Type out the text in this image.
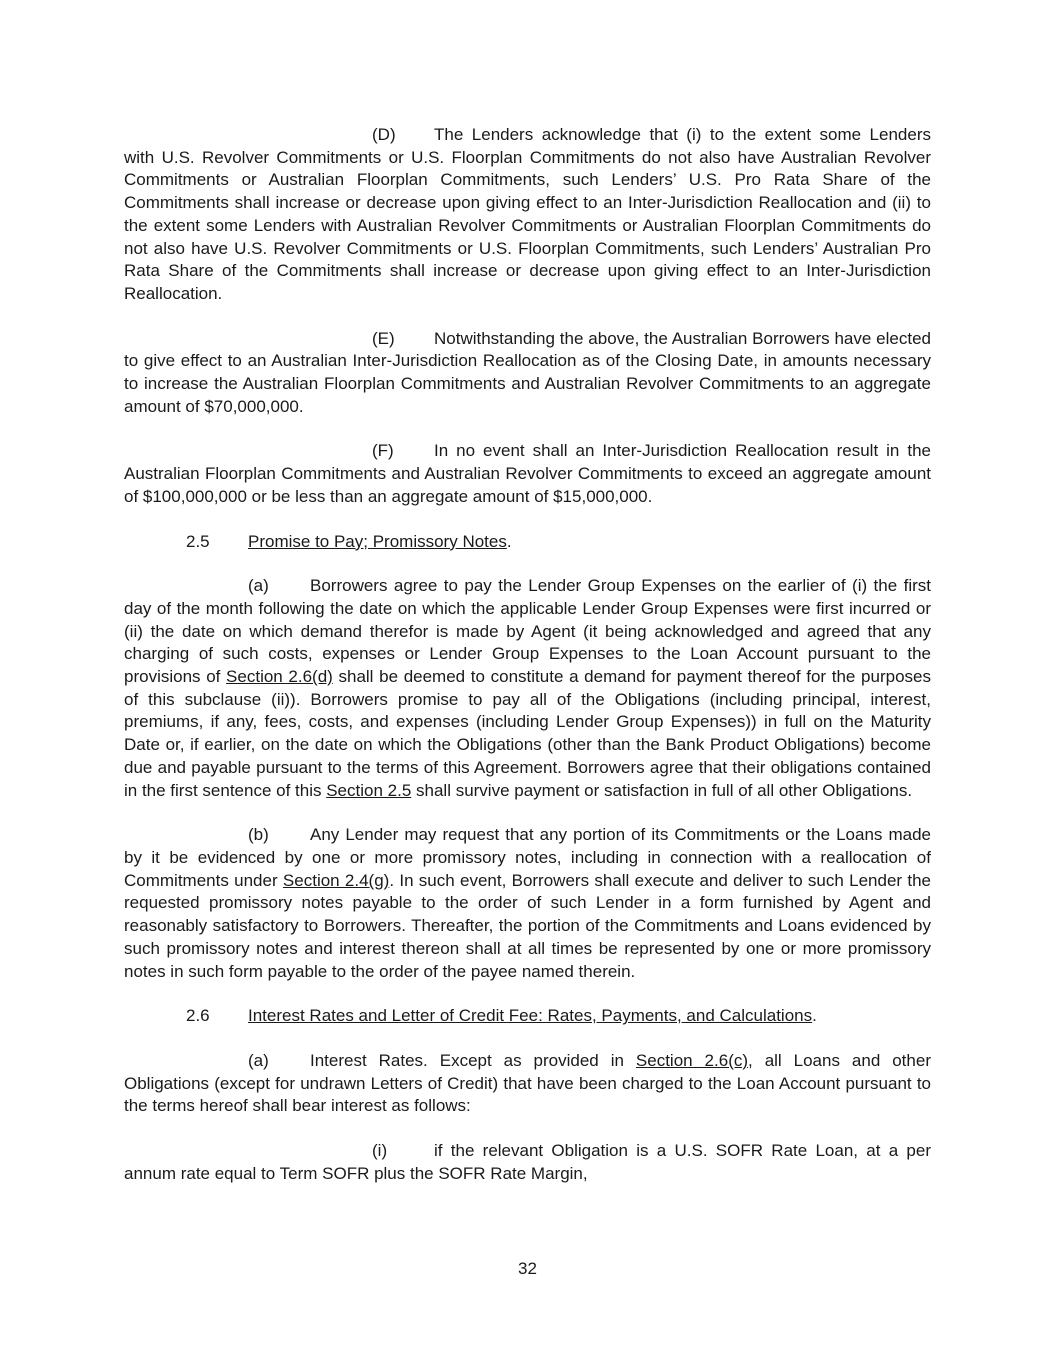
(D) The Lenders acknowledge that (i) to the extent some Lenders with U.S. Revolver Commitments or U.S. Floorplan Commitments do not also have Australian Revolver Commitments or Australian Floorplan Commitments, such Lenders’ U.S. Pro Rata Share of the Commitments shall increase or decrease upon giving effect to an Inter-Jurisdiction Reallocation and (ii) to the extent some Lenders with Australian Revolver Commitments or Australian Floorplan Commitments do not also have U.S. Revolver Commitments or U.S. Floorplan Commitments, such Lenders’ Australian Pro Rata Share of the Commitments shall increase or decrease upon giving effect to an Inter-Jurisdiction Reallocation.

(E) Notwithstanding the above, the Australian Borrowers have elected to give effect to an Australian Inter-Jurisdiction Reallocation as of the Closing Date, in amounts necessary to increase the Australian Floorplan Commitments and Australian Revolver Commitments to an aggregate amount of $70,000,000.

(F) In no event shall an Inter-Jurisdiction Reallocation result in the Australian Floorplan Commitments and Australian Revolver Commitments to exceed an aggregate amount of $100,000,000 or be less than an aggregate amount of $15,000,000.

2.5 Promise to Pay; Promissory Notes.

(a) Borrowers agree to pay the Lender Group Expenses on the earlier of (i) the first day of the month following the date on which the applicable Lender Group Expenses were first incurred or (ii) the date on which demand therefor is made by Agent (it being acknowledged and agreed that any charging of such costs, expenses or Lender Group Expenses to the Loan Account pursuant to the provisions of Section 2.6(d) shall be deemed to constitute a demand for payment thereof for the purposes of this subclause (ii)). Borrowers promise to pay all of the Obligations (including principal, interest, premiums, if any, fees, costs, and expenses (including Lender Group Expenses)) in full on the Maturity Date or, if earlier, on the date on which the Obligations (other than the Bank Product Obligations) become due and payable pursuant to the terms of this Agreement. Borrowers agree that their obligations contained in the first sentence of this Section 2.5 shall survive payment or satisfaction in full of all other Obligations.

(b) Any Lender may request that any portion of its Commitments or the Loans made by it be evidenced by one or more promissory notes, including in connection with a reallocation of Commitments under Section 2.4(g). In such event, Borrowers shall execute and deliver to such Lender the requested promissory notes payable to the order of such Lender in a form furnished by Agent and reasonably satisfactory to Borrowers. Thereafter, the portion of the Commitments and Loans evidenced by such promissory notes and interest thereon shall at all times be represented by one or more promissory notes in such form payable to the order of the payee named therein.

2.6 Interest Rates and Letter of Credit Fee: Rates, Payments, and Calculations.

(a) Interest Rates. Except as provided in Section 2.6(c), all Loans and other Obligations (except for undrawn Letters of Credit) that have been charged to the Loan Account pursuant to the terms hereof shall bear interest as follows:

(i)	if the relevant Obligation is a U.S. SOFR Rate Loan, at a per annum rate equal to Term SOFR plus the SOFR Rate Margin,

32
